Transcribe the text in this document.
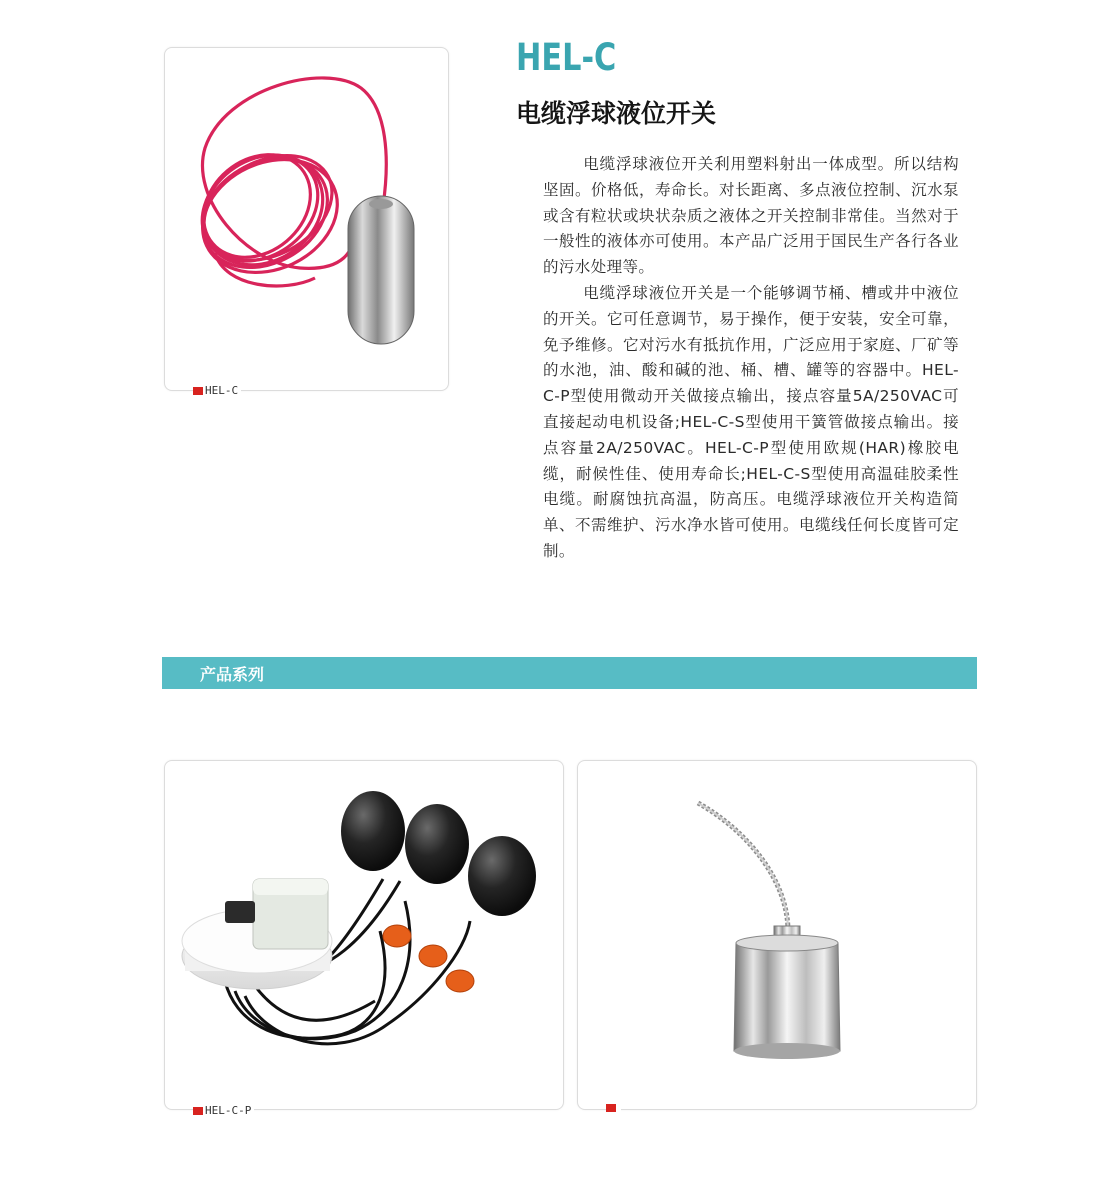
HEL-C
HEL-C
电缆浮球液位开关

电缆浮球液位开关利用塑料射出一体成型。所以结构坚固。价格低，寿命长。对长距离、多点液位控制、沉水泵或含有粒状或块状杂质之液体之开关控制非常佳。当然对于一般性的液体亦可使用。本产品广泛用于国民生产各行各业的污水处理等。

电缆浮球液位开关是一个能够调节桶、槽或井中液位的开关。它可任意调节，易于操作，便于安装，安全可靠，免予维修。它对污水有抵抗作用，广泛应用于家庭、厂矿等的水池，油、酸和碱的池、桶、槽、罐等的容器中。HEL-C-P型使用微动开关做接点输出，接点容量5A/250VAC可直接起动电机设备;HEL-C-S型使用干簧管做接点输出。接点容量2A/250VAC。HEL-C-P型使用欧规(HAR)橡胶电缆，耐候性佳、使用寿命长;HEL-C-S型使用高温硅胶柔性电缆。耐腐蚀抗高温，防高压。电缆浮球液位开关构造简单、不需维护、污水净水皆可使用。电缆线任何长度皆可定制。

产品系列
HEL-C-P
